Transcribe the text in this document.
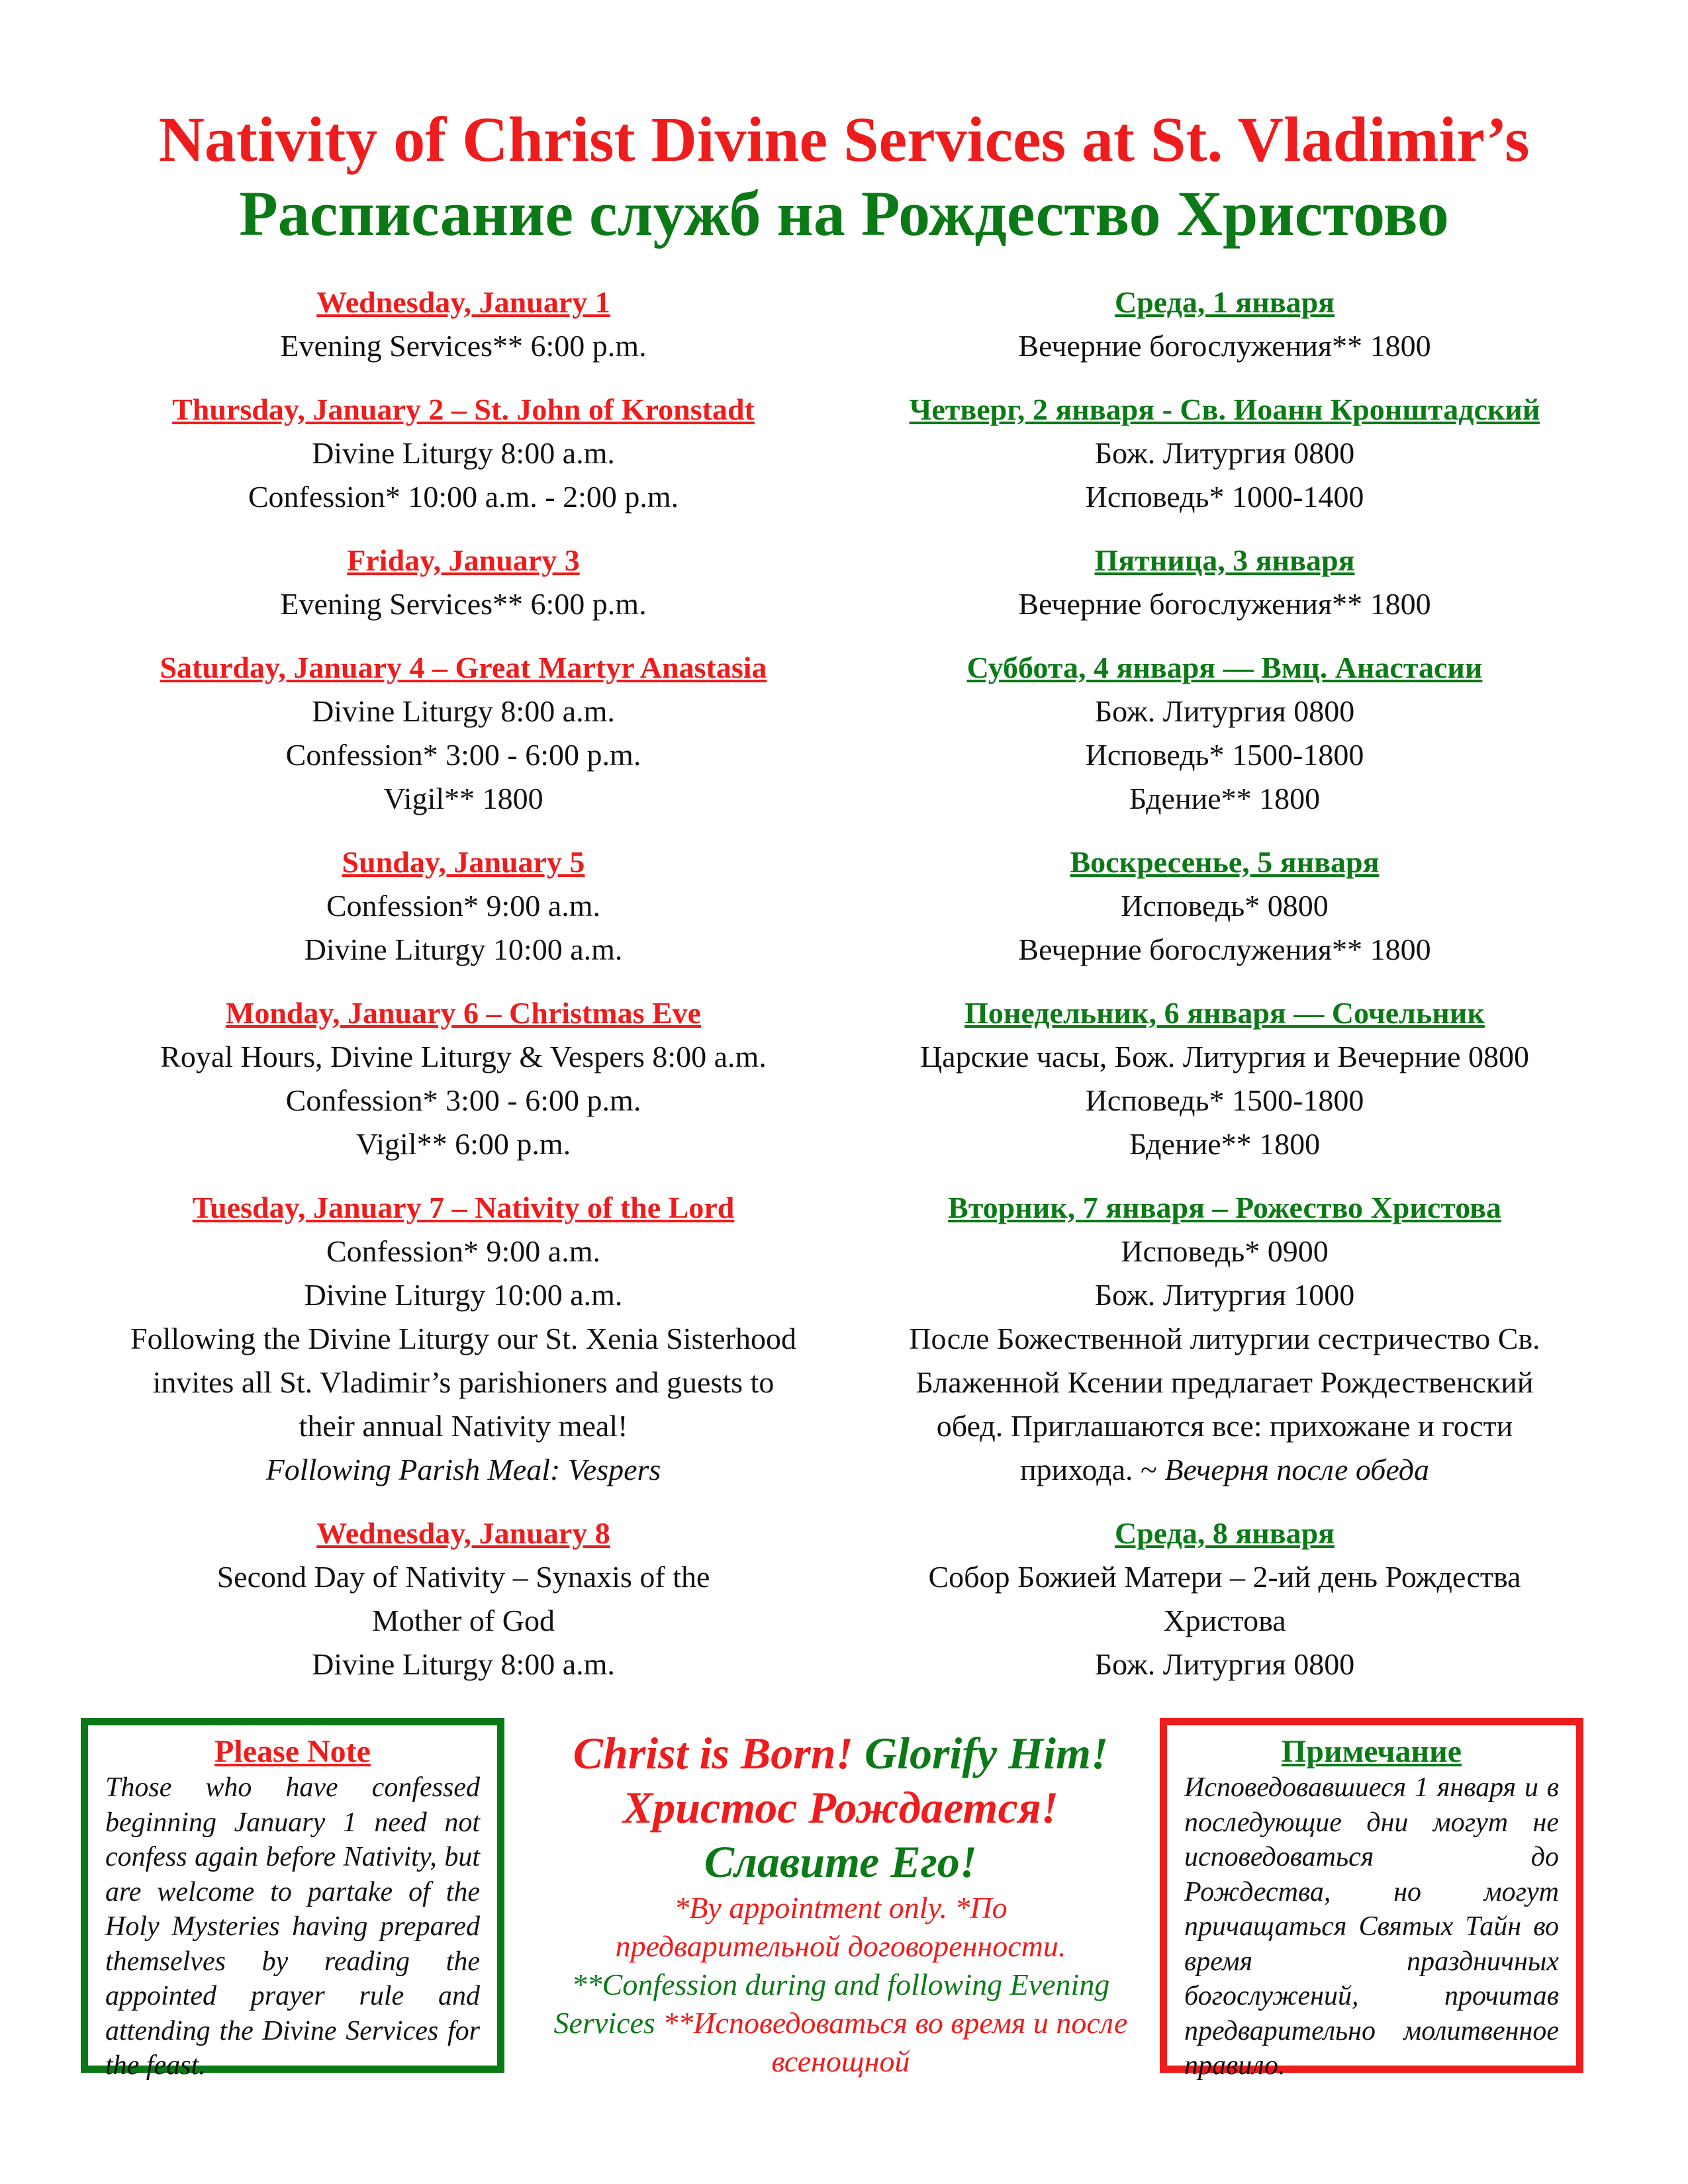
Nativity of Christ Divine Services at St. Vladimir’s
Расписание служб на Рождество Христово
Wednesday, January 1
Evening Services** 6:00 p.m.
Thursday, January 2 – St. John of Kronstadt
Divine Liturgy 8:00 a.m.
Confession* 10:00 a.m. - 2:00 p.m.
Friday, January 3
Evening Services** 6:00 p.m.
Saturday, January 4 – Great Martyr Anastasia
Divine Liturgy 8:00 a.m.
Confession* 3:00 - 6:00 p.m.
Vigil** 1800
Sunday, January 5
Confession* 9:00 a.m.
Divine Liturgy 10:00 a.m.
Monday, January 6 – Christmas Eve
Royal Hours, Divine Liturgy & Vespers 8:00 a.m.
Confession* 3:00 - 6:00 p.m.
Vigil** 6:00 p.m.
Tuesday, January 7 – Nativity of the Lord
Confession* 9:00 a.m.
Divine Liturgy 10:00 a.m.
Following the Divine Liturgy our St. Xenia Sisterhood
invites all St. Vladimir’s parishioners and guests to
their annual Nativity meal!
Following Parish Meal: Vespers
Wednesday, January 8
Second Day of Nativity – Synaxis of the
Mother of God
Divine Liturgy 8:00 a.m.
Среда, 1 января
Вечерние богослужения** 1800
Четверг, 2 января - Св. Иоанн Кронштадский
Бож. Литургия 0800
Исповедь* 1000-1400
Пятница, 3 января
Вечерние богослужения** 1800
Суббота, 4 января — Вмц. Анастасии
Бож. Литургия 0800
Исповедь* 1500-1800
Бдение** 1800
Воскресенье, 5 января
Исповедь* 0800
Вечерние богослужения** 1800
Понедельник, 6 января — Сочельник
Царские часы, Бож. Литургия и Вечерние 0800
Исповедь* 1500-1800
Бдение** 1800
Вторник, 7 января – Рожество Христова
Исповедь* 0900
Бож. Литургия 1000
После Божественной литургии сестричество Св.
Блаженной Ксении предлагает Рождественский
обед. Приглашаются все: прихожане и гости
прихода. ~ Вечерня после обеда
Среда, 8 января
Собор Божией Матери – 2-ий день Рождества
Христова
Бож. Литургия 0800
Please Note
Those who have confessed beginning January 1 need not confess again before Nativity, but are welcome to partake of the Holy Mysteries having prepared themselves by reading the appointed prayer rule and attending the Divine Services for the feast.
Christ is Born! Glorify Him!
Христос Рождается!
Славите Его!
*By appointment only. *По
предварительной договоренности.
**Confession during and following Evening Services **Исповедоваться во время и после всенощной
Примечание
Исповедовавшиеся 1 января и в последующие дни могут не исповедоваться до Рождества, но могут причащаться Святых Тайн во время праздничных богослужений, прочитав предварительно молитвенное правило.
